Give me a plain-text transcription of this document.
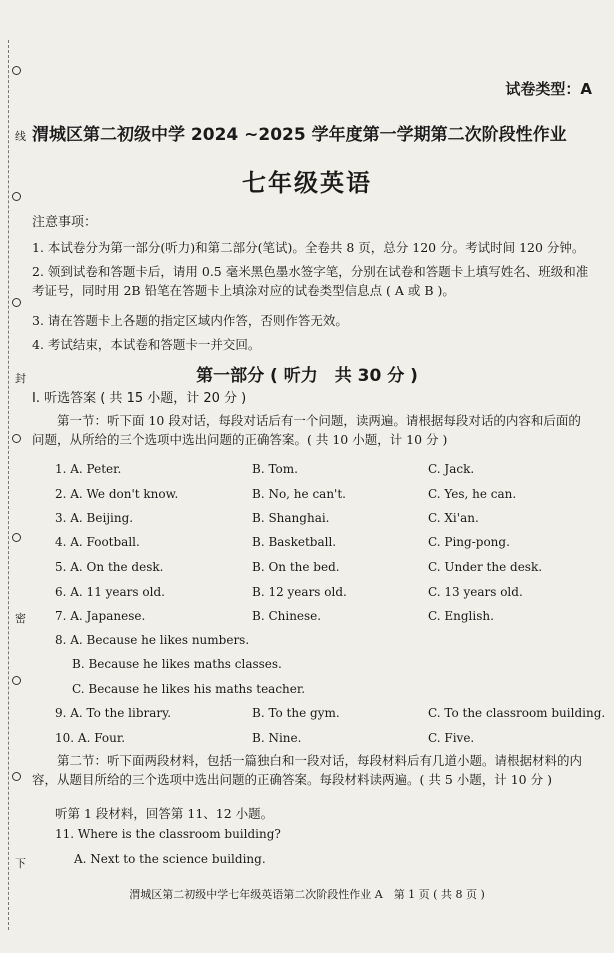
线
封
密
下
试卷类型：A
渭城区第二初级中学 2024 ~2025 学年度第一学期第二次阶段性作业
七年级英语
注意事项：
1. 本试卷分为第一部分(听力)和第二部分(笔试)。全卷共 8 页，总分 120 分。考试时间 120 分钟。
2. 领到试卷和答题卡后，请用 0.5 毫米黑色墨水签字笔，分别在试卷和答题卡上填写姓名、班级和准考证号，同时用 2B 铅笔在答题卡上填涂对应的试卷类型信息点 ( A 或 B )。
3. 请在答题卡上各题的指定区域内作答，否则作答无效。
4. 考试结束，本试卷和答题卡一并交回。
第一部分 ( 听力　共 30 分 )
Ⅰ. 听选答案 ( 共 15 小题，计 20 分 )
第一节：听下面 10 段对话，每段对话后有一个问题，读两遍。请根据每段对话的内容和后面的问题，从所给的三个选项中选出问题的正确答案。( 共 10 小题，计 10 分 )
1. A. Peter.	B. Tom.	C. Jack.
2. A. We don't know.	B. No, he can't.	C. Yes, he can.
3. A. Beijing.	B. Shanghai.	C. Xi'an.
4. A. Football.	B. Basketball.	C. Ping-pong.
5. A. On the desk.	B. On the bed.	C. Under the desk.
6. A. 11 years old.	B. 12 years old.	C. 13 years old.
7. A. Japanese.	B. Chinese.	C. English.
8. A. Because he likes numbers.
B. Because he likes maths classes.
C. Because he likes his maths teacher.
9. A. To the library.	B. To the gym.	C. To the classroom building.
10. A. Four.	B. Nine.	C. Five.
第二节：听下面两段材料，包括一篇独白和一段对话，每段材料后有几道小题。请根据材料的内容，从题目所给的三个选项中选出问题的正确答案。每段材料读两遍。( 共 5 小题，计 10 分 )
听第 1 段材料，回答第 11、12 小题。
11. Where is the classroom building?
A. Next to the science building.
渭城区第二初级中学七年级英语第二次阶段性作业 A　第 1 页 ( 共 8 页 )
